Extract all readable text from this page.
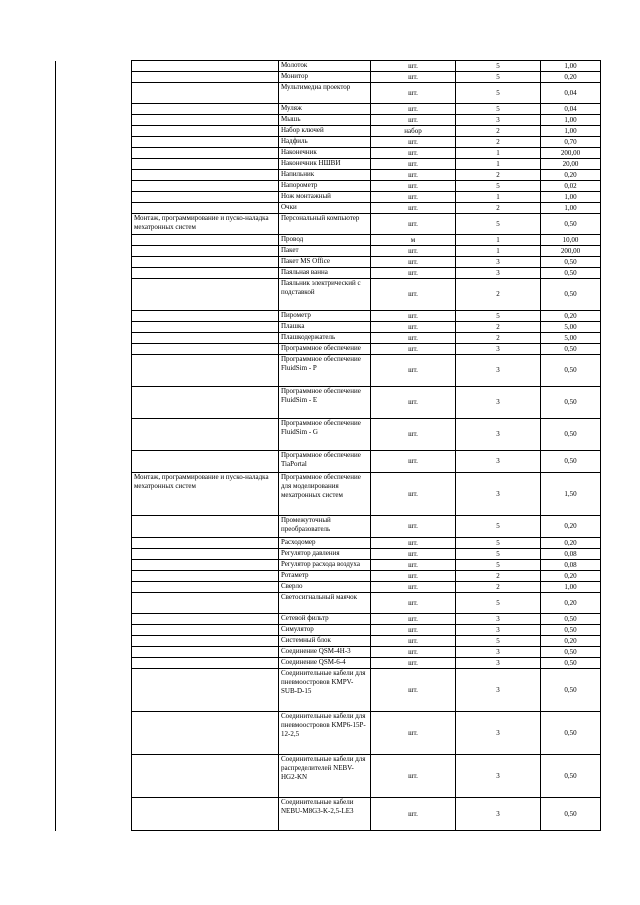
		Молоток	шт.	5	1,00
		Монитор	шт.	5	0,20
		Мультимедиа проектор	шт.	5	0,04
		Муляж	шт.	5	0,04
		Мышь	шт.	3	1,00
		Набор ключей	набор	2	1,00
		Надфиль	шт.	2	0,70
		Наконечник	шт.	1	200,00
		Наконечник НШВИ	шт.	1	20,00
		Напильник	шт.	2	0,20
		Напорометр	шт.	5	0,02
		Нож монтажный	шт.	1	1,00
		Очки	шт.	2	1,00
	Монтаж, программирование и пуско-наладка мехатронных систем	Персональный компьютер	шт.	5	0,50
		Провод	м	1	10,00
		Пакет	шт.	1	200,00
		Пакет MS Office	шт.	3	0,50
		Паяльная ванна	шт.	3	0,50
		Паяльник электрический с подставкой	шт.	2	0,50
		Пирометр	шт.	5	0,20
		Плашка	шт.	2	5,00
		Плашкодержатель	шт.	2	5,00
		Программное обеспечение	шт.	3	0,50
		Программное обеспечение FluidSim - P	шт.	3	0,50
		Программное обеспечение FluidSim - E	шт.	3	0,50
		Программное обеспечение FluidSim - G	шт.	3	0,50
		Программное обеспечение TiaPortal	шт.	3	0,50
	Монтаж, программирование и пуско-наладка мехатронных систем	Программное обеспечение для моделирования мехатронных систем	шт.	3	1,50
		Промежуточный преобразователь	шт.	5	0,20
		Расходомер	шт.	5	0,20
		Регулятор давления	шт.	5	0,08
		Регулятор расхода воздуха	шт.	5	0,08
		Ротаметр	шт.	2	0,20
		Сверло	шт.	2	1,00
		Светосигнальный маячок	шт.	5	0,20
		Сетевой фильтр	шт.	3	0,50
		Симулятор	шт.	3	0,50
		Системный блок	шт.	5	0,20
		Соединение QSM-4H-3	шт.	3	0,50
		Соединение QSM-6-4	шт.	3	0,50
		Соединительные кабели для пневмоостровов KMPV-SUB-D-15	шт.	3	0,50
		Соединительные кабели для пневмоостровов KMP6-15P-12-2,5	шт.	3	0,50
		Соединительные кабели для распределителей NEBV-HG2-KN	шт.	3	0,50
		Соединительные кабели NEBU-M8G3-K-2,5-LE3	шт.	3	0,50
